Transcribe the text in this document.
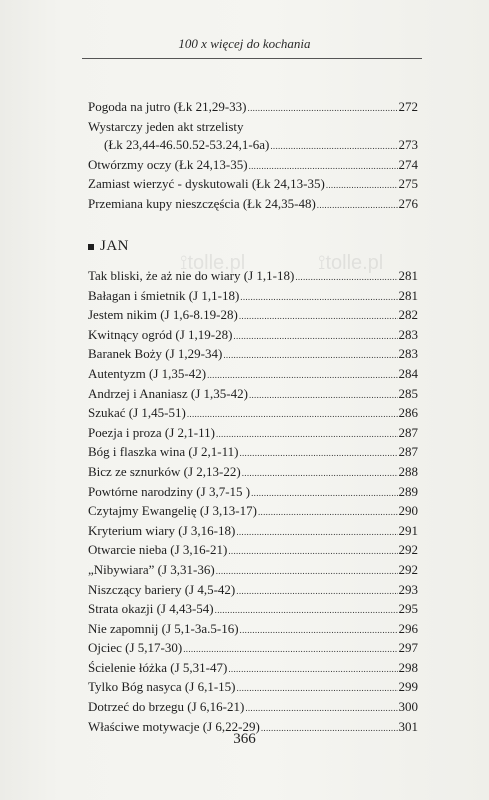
100 x więcej do kochania
Pogoda na jutro (Łk 21,29-33) .....	272
Wystarczy jeden akt strzelisty
(Łk 23,44-46.50.52-53.24,1-6a) .....	273
Otwórzmy oczy (Łk 24,13-35) .....	274
Zamiast wierzyć - dyskutowali (Łk 24,13-35) .....	275
Przemiana kupy nieszczęścia (Łk 24,35-48) .....	276
JAN
⟟tolle.pl	⟟tolle.pl
Tak bliski, że aż nie do wiary (J 1,1-18) .....	281
Bałagan i śmietnik (J 1,1-18) .....	281
Jestem nikim (J 1,6-8.19-28) .....	282
Kwitnący ogród (J 1,19-28) .....	283
Baranek Boży (J 1,29-34) .....	283
Autentyzm (J 1,35-42) .....	284
Andrzej i Ananiasz (J 1,35-42) .....	285
Szukać (J 1,45-51) .....	286
Poezja i proza (J 2,1-11) .....	287
Bóg i flaszka wina (J 2,1-11) .....	287
Bicz ze sznurków (J 2,13-22) .....	288
Powtórne narodziny (J 3,7-15 ) .....	289
Czytajmy Ewangelię (J 3,13-17) .....	290
Kryterium wiary (J 3,16-18) .....	291
Otwarcie nieba (J 3,16-21) .....	292
„Nibywiara” (J 3,31-36) .....	292
Niszczący bariery (J 4,5-42) .....	293
Strata okazji (J 4,43-54) .....	295
Nie zapomnij (J 5,1-3a.5-16) .....	296
Ojciec (J 5,17-30) .....	297
Ścielenie łóżka (J 5,31-47) .....	298
Tylko Bóg nasyca (J 6,1-15) .....	299
Dotrzeć do brzegu (J 6,16-21) .....	300
Właściwe motywacje (J 6,22-29) .....	301
366
